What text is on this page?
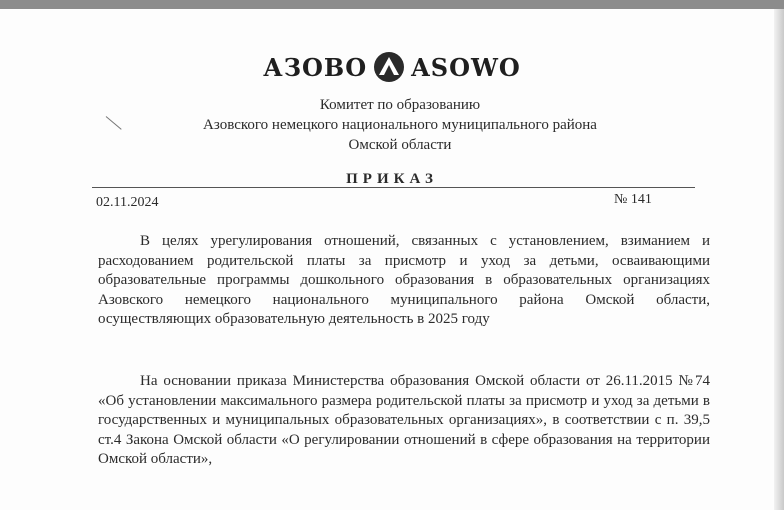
АЗОВО ASOWO
Комитет по образованию
Азовского немецкого национального муниципального района
Омской области
ПРИКАЗ
02.11.2024	№ 141
В целях урегулирования отношений, связанных с установлением, взиманием и расходованием родительской платы за присмотр и уход за детьми, осваивающими образовательные программы дошкольного образования в образовательных организациях Азовского немецкого национального муниципального района Омской области, осуществляющих образовательную деятельность в 2025 году
На основании приказа Министерства образования Омской области от 26.11.2015 №74 «Об установлении максимального размера родительской платы за присмотр и уход за детьми в государственных и муниципальных образовательных организациях», в соответствии с п. 39,5 ст.4 Закона Омской области «О регулировании отношений в сфере образования на территории Омской области»,
